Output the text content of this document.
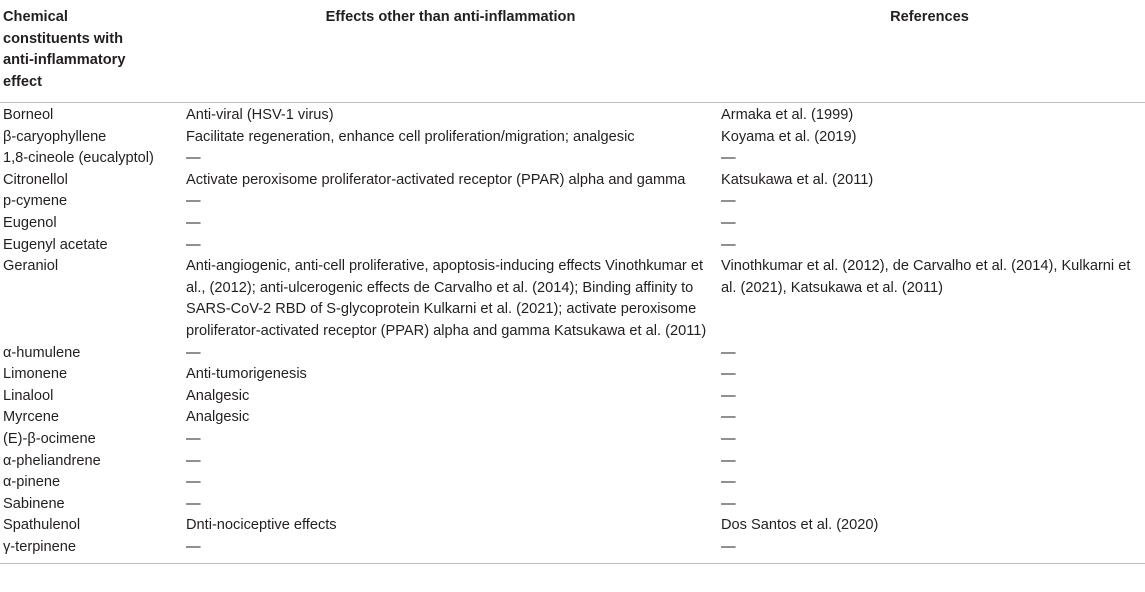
Chemical constituents with anti-inflammatory effect	Effects other than anti-inflammation	References
Borneol	Anti-viral (HSV-1 virus)	Armaka et al. (1999)
β-caryophyllene	Facilitate regeneration, enhance cell proliferation/migration; analgesic	Koyama et al. (2019)
1,8-cineole (eucalyptol)	—	—
Citronellol	Activate peroxisome proliferator-activated receptor (PPAR) alpha and gamma	Katsukawa et al. (2011)
p-cymene	—	—
Eugenol	—	—
Eugenyl acetate	—	—
Geraniol	Anti-angiogenic, anti-cell proliferative, apoptosis-inducing effects Vinothkumar et al., (2012); anti-ulcerogenic effects de Carvalho et al. (2014); Binding affinity to SARS-CoV-2 RBD of S-glycoprotein Kulkarni et al. (2021); activate peroxisome proliferator-activated receptor (PPAR) alpha and gamma Katsukawa et al. (2011)	Vinothkumar et al. (2012), de Carvalho et al. (2014), Kulkarni et al. (2021), Katsukawa et al. (2011)
α-humulene	—	—
Limonene	Anti-tumorigenesis	—
Linalool	Analgesic	—
Myrcene	Analgesic	—
(E)-β-ocimene	—	—
α-pheliandrene	—	—
α-pinene	—	—
Sabinene	—	—
Spathulenol	Dnti-nociceptive effects	Dos Santos et al. (2020)
γ-terpinene	—	—
